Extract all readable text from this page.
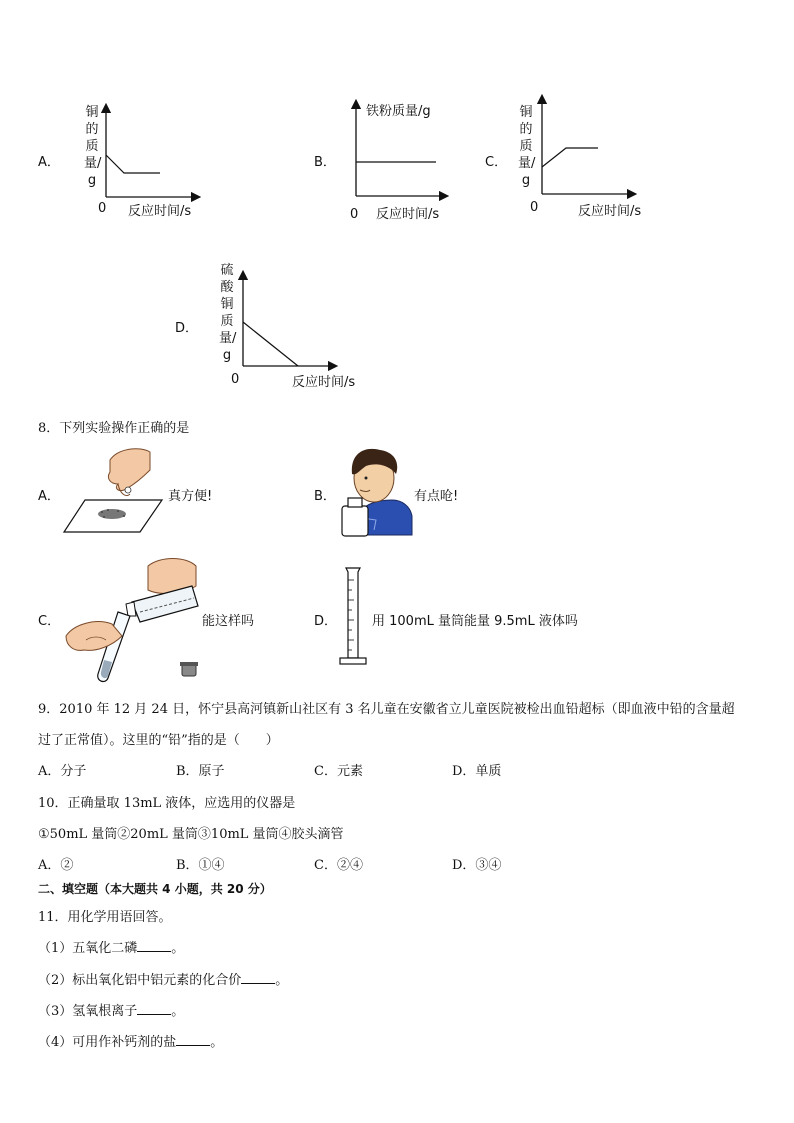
A．
铜的质量/g
0 反应时间/s
B．
铁粉质量/g
0 反应时间/s
C．
铜的质量/g
0	反应时间/s
D．
硫酸铜质量/g
0	反应时间/s
8．下列实验操作正确的是
A．	真方便!	B．	有点呛!
C．	能这样吗	D．	用 100mL 量筒能量 9.5mL 液体吗
9．2010 年 12 月 24 日，怀宁县高河镇新山社区有 3 名儿童在安徽省立儿童医院被检出血铅超标（即血液中铅的含量超
过了正常值）。这里的“铅”指的是（　　）
A．分子	B．原子	C．元素	D．单质
10．正确量取 13mL 液体，应选用的仪器是
①50mL 量筒②20mL 量筒③10mL 量筒④胶头滴管
A．②	B．①④	C．②④	D．③④
二、填空题（本大题共 4 小题，共 20 分）
11．用化学用语回答。
（1）五氧化二磷	。
（2）标出氧化铝中铝元素的化合价	。
（3）氢氧根离子	。
（4）可用作补钙剂的盐	。
